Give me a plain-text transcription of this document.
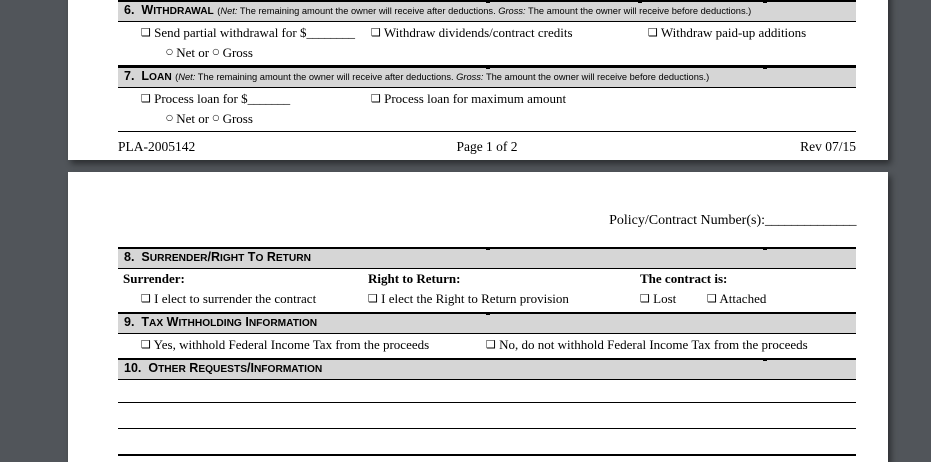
6. WITHDRAWAL (Net: The remaining amount the owner will receive after deductions. Gross: The amount the owner will receive before deductions.)
❑ Send partial withdrawal for $________ ❑ Withdraw dividends/contract credits	❑ Withdraw paid-up additions
○ Net or ○ Gross
7. LOAN (Net: The remaining amount the owner will receive after deductions. Gross: The amount the owner will receive before deductions.)
❑ Process loan for $_______	❑ Process loan for maximum amount
○ Net or ○ Gross
PLA-2005142	Page 1 of 2	Rev 07/15
Policy/Contract Number(s):______________
8. SURRENDER/RIGHT TO RETURN
Surrender:	Right to Return:	The contract is:
❑ I elect to surrender the contract	❑ I elect the Right to Return provision	❑ Lost	❑ Attached
9.  TAX WITHHOLDING INFORMATION
❑ Yes, withhold Federal Income Tax from the proceeds	❑ No, do not withhold Federal Income Tax from the proceeds
10.  OTHER REQUESTS/INFORMATION
